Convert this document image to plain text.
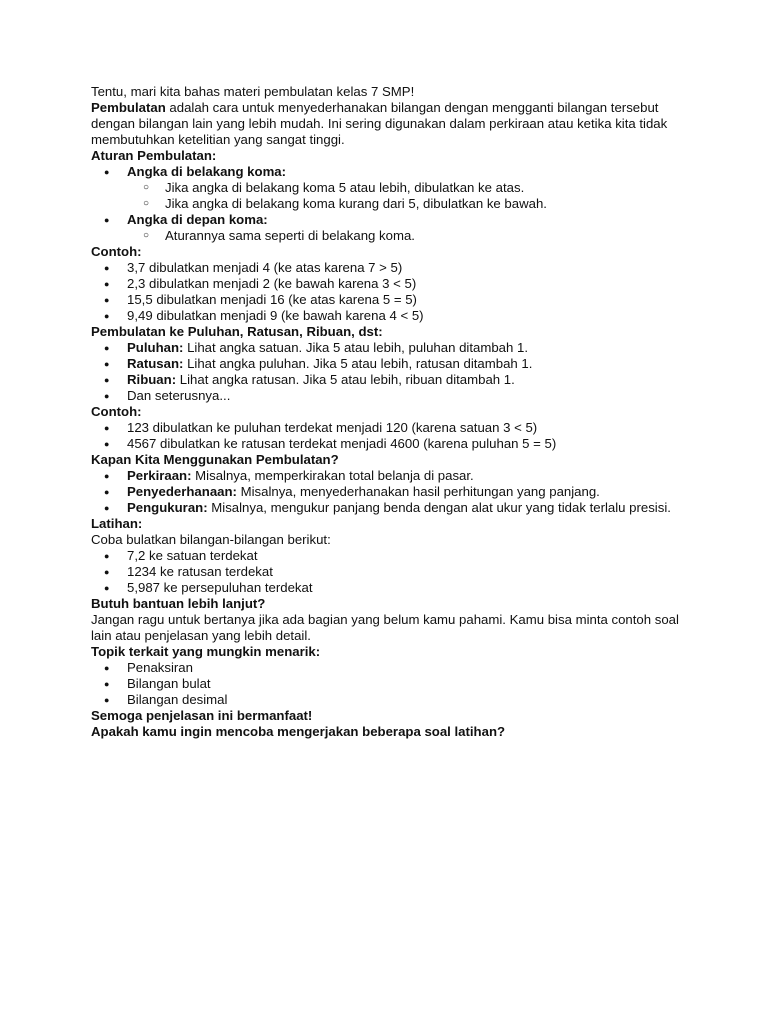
Tentu, mari kita bahas materi pembulatan kelas 7 SMP!

Pembulatan adalah cara untuk menyederhanakan bilangan dengan mengganti bilangan tersebut dengan bilangan lain yang lebih mudah. Ini sering digunakan dalam perkiraan atau ketika kita tidak membutuhkan ketelitian yang sangat tinggi.

Aturan Pembulatan:

● Angka di belakang koma:

○ Jika angka di belakang koma 5 atau lebih, dibulatkan ke atas.

○ Jika angka di belakang koma kurang dari 5, dibulatkan ke bawah.

● Angka di depan koma:

○ Aturannya sama seperti di belakang koma.

Contoh:

● 3,7 dibulatkan menjadi 4 (ke atas karena 7 > 5)

● 2,3 dibulatkan menjadi 2 (ke bawah karena 3 < 5)

● 15,5 dibulatkan menjadi 16 (ke atas karena 5 = 5)

● 9,49 dibulatkan menjadi 9 (ke bawah karena 4 < 5)

Pembulatan ke Puluhan, Ratusan, Ribuan, dst:

● Puluhan: Lihat angka satuan. Jika 5 atau lebih, puluhan ditambah 1.

● Ratusan: Lihat angka puluhan. Jika 5 atau lebih, ratusan ditambah 1.

● Ribuan: Lihat angka ratusan. Jika 5 atau lebih, ribuan ditambah 1.

● Dan seterusnya...

Contoh:

● 123 dibulatkan ke puluhan terdekat menjadi 120 (karena satuan 3 < 5)

● 4567 dibulatkan ke ratusan terdekat menjadi 4600 (karena puluhan 5 = 5)

Kapan Kita Menggunakan Pembulatan?

● Perkiraan: Misalnya, memperkirakan total belanja di pasar.

● Penyederhanaan: Misalnya, menyederhanakan hasil perhitungan yang panjang.

● Pengukuran: Misalnya, mengukur panjang benda dengan alat ukur yang tidak terlalu presisi.

Latihan:

Coba bulatkan bilangan-bilangan berikut:

● 7,2 ke satuan terdekat

● 1234 ke ratusan terdekat

● 5,987 ke persepuluhan terdekat

Butuh bantuan lebih lanjut?

Jangan ragu untuk bertanya jika ada bagian yang belum kamu pahami. Kamu bisa minta contoh soal lain atau penjelasan yang lebih detail.

Topik terkait yang mungkin menarik:

● Penaksiran

● Bilangan bulat

● Bilangan desimal

Semoga penjelasan ini bermanfaat!

Apakah kamu ingin mencoba mengerjakan beberapa soal latihan?
